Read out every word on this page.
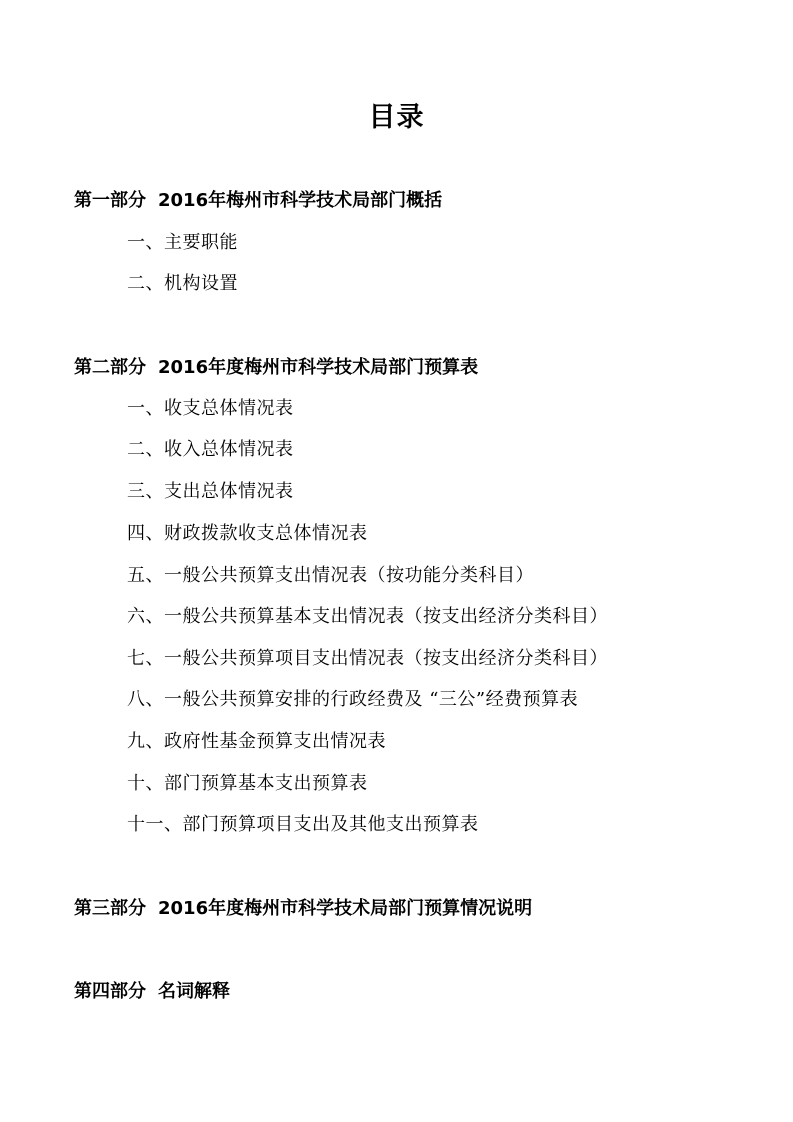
目录
第一部分 2016年梅州市科学技术局部门概括
一、主要职能
二、机构设置
第二部分 2016年度梅州市科学技术局部门预算表
一、收支总体情况表
二、收入总体情况表
三、支出总体情况表
四、财政拨款收支总体情况表
五、一般公共预算支出情况表（按功能分类科目）
六、一般公共预算基本支出情况表（按支出经济分类科目）
七、一般公共预算项目支出情况表（按支出经济分类科目）
八、一般公共预算安排的行政经费及 “三公”经费预算表
九、政府性基金预算支出情况表
十、部门预算基本支出预算表
十一、部门预算项目支出及其他支出预算表
第三部分 2016年度梅州市科学技术局部门预算情况说明
第四部分 名词解释
